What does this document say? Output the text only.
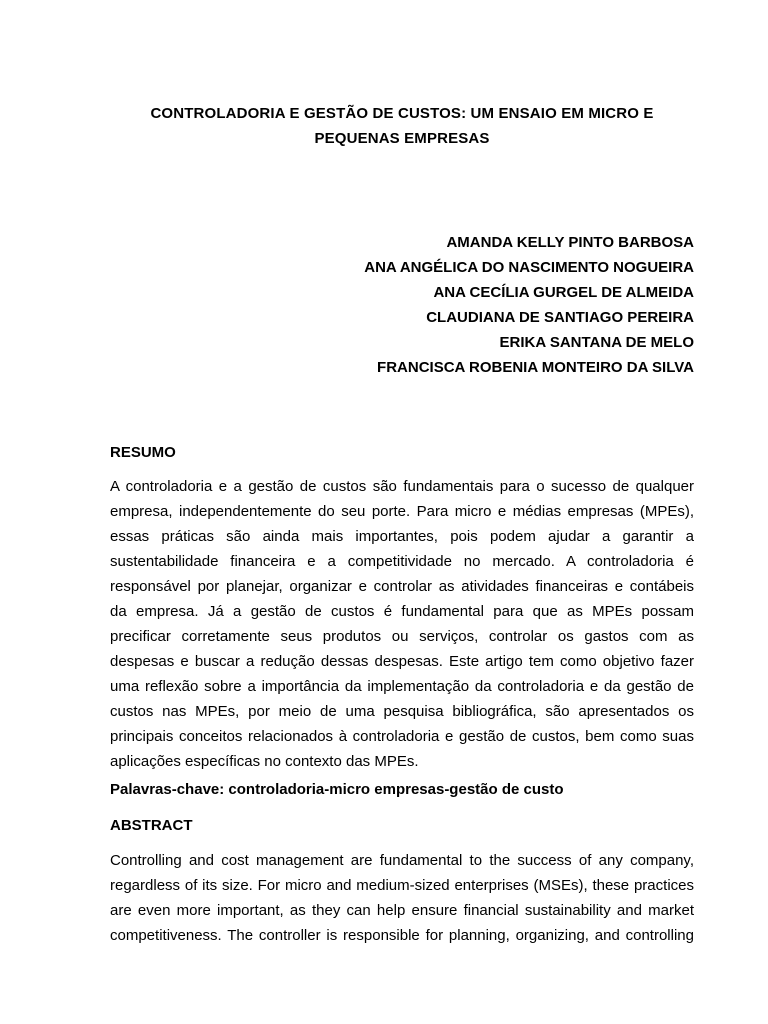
CONTROLADORIA E GESTÃO DE CUSTOS: UM ENSAIO EM MICRO E
PEQUENAS EMPRESAS
AMANDA KELLY PINTO BARBOSA
ANA ANGÉLICA DO NASCIMENTO NOGUEIRA
ANA CECÍLIA GURGEL DE ALMEIDA
CLAUDIANA DE SANTIAGO PEREIRA
ERIKA SANTANA DE MELO
FRANCISCA ROBENIA MONTEIRO DA SILVA
RESUMO
A controladoria e a gestão de custos são fundamentais para o sucesso de qualquer
empresa, independentemente do seu porte. Para micro e médias empresas (MPEs),
essas práticas são ainda mais importantes, pois podem ajudar a garantir a
sustentabilidade financeira e a competitividade no mercado. A controladoria é
responsável por planejar, organizar e controlar as atividades financeiras e contábeis
da empresa. Já a gestão de custos é fundamental para que as MPEs possam
precificar corretamente seus produtos ou serviços, controlar os gastos com as
despesas e buscar a redução dessas despesas. Este artigo tem como objetivo fazer
uma reflexão sobre a importância da implementação da controladoria e da gestão de
custos nas MPEs, por meio de uma pesquisa bibliográfica, são apresentados os
principais conceitos relacionados à controladoria e gestão de custos, bem como suas
aplicações específicas no contexto das MPEs.
Palavras-chave: controladoria-micro empresas-gestão de custo
ABSTRACT
Controlling and cost management are fundamental to the success of any company,
regardless of its size. For micro and medium-sized enterprises (MSEs), these practices
are even more important, as they can help ensure financial sustainability and market
competitiveness. The controller is responsible for planning, organizing, and controlling
